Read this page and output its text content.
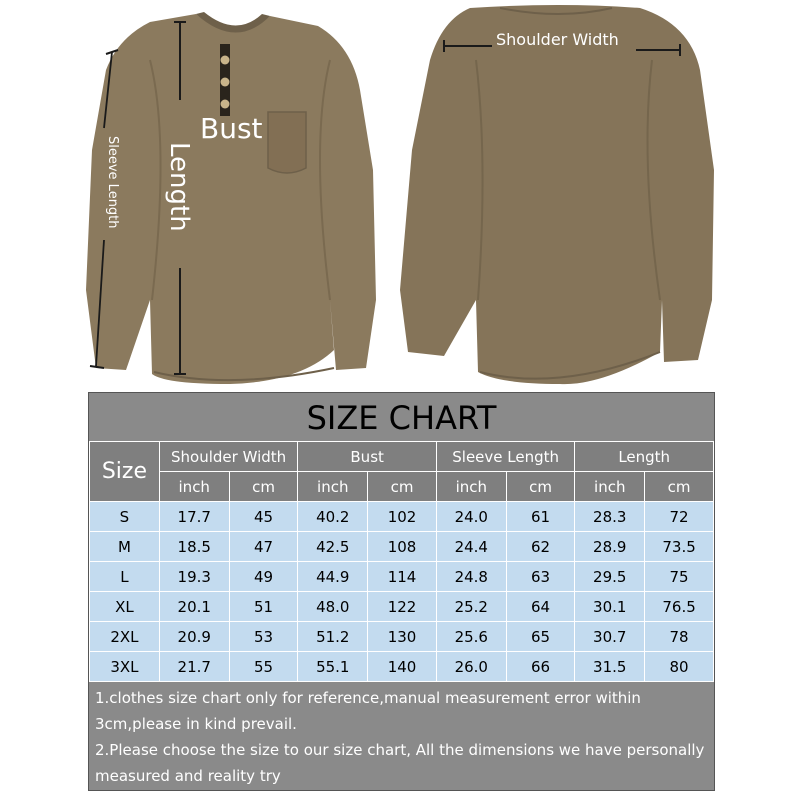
Bust
Length
Sleeve Length
Shoulder Width
SIZE CHART
Size	Shoulder Width		Bust		Sleeve Length		Length	
	inch	cm	inch	cm	inch	cm	inch	cm
S	17.7	45	40.2	102	24.0	61	28.3	72
M	18.5	47	42.5	108	24.4	62	28.9	73.5
L	19.3	49	44.9	114	24.8	63	29.5	75
XL	20.1	51	48.0	122	25.2	64	30.1	76.5
2XL	20.9	53	51.2	130	25.6	65	30.7	78
3XL	21.7	55	55.1	140	26.0	66	31.5	80

1.clothes size chart only for reference,manual measurement error within 3cm,please in kind prevail.

2.Please choose the size to our size chart, All the dimensions we have personally measured and reality try
